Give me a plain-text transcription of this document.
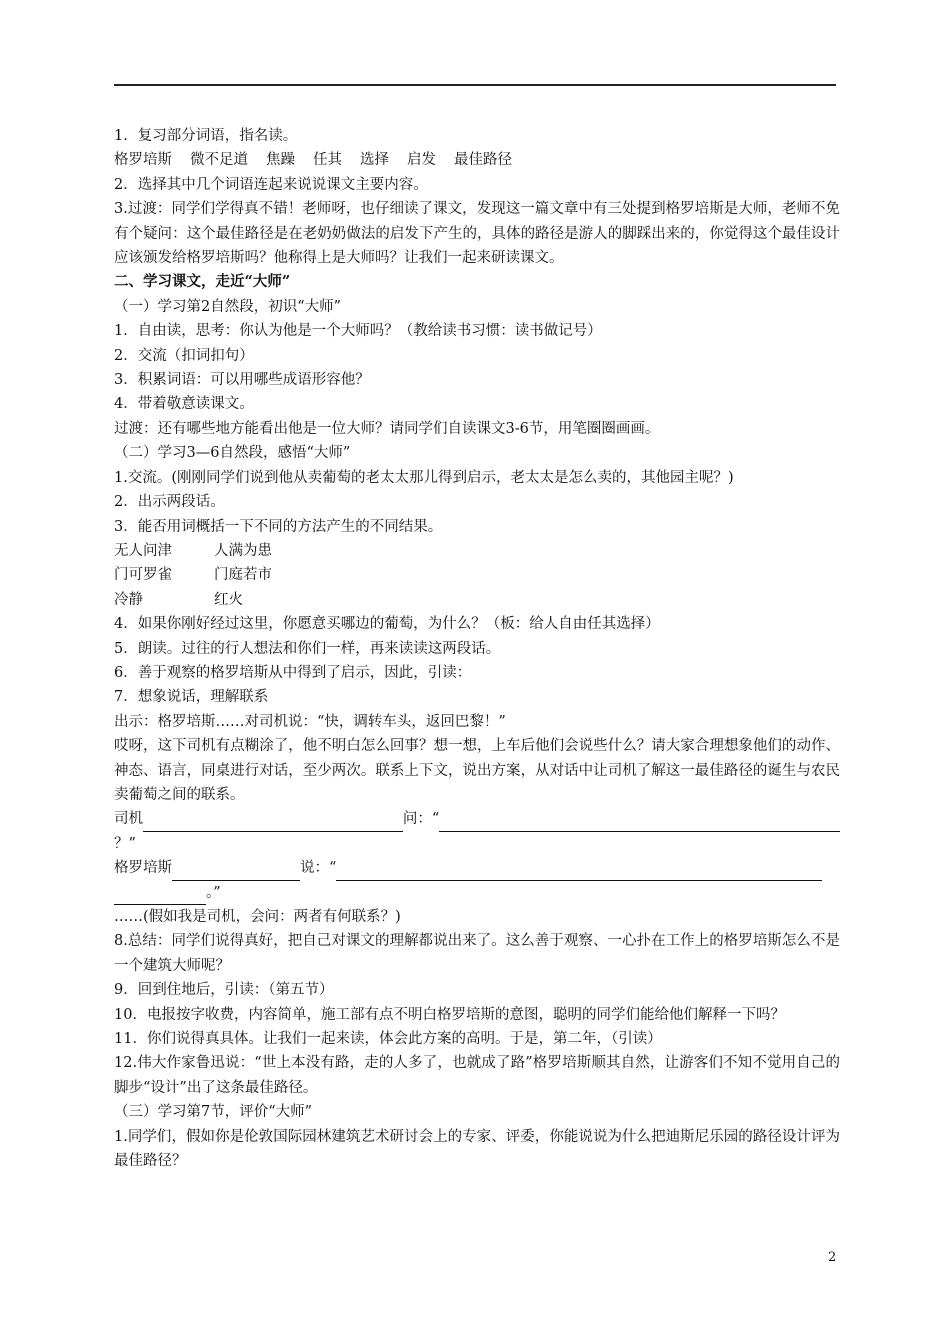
1．复习部分词语，指名读。
格罗培斯 微不足道 焦躁 任其 选择 启发 最佳路径
2．选择其中几个词语连起来说说课文主要内容。
3.过渡：同学们学得真不错！老师呀，也仔细读了课文，发现这一篇文章中有三处提到格罗培斯是大师，老师不免有个疑问：这个最佳路径是在老奶奶做法的启发下产生的，具体的路径是游人的脚踩出来的，你觉得这个最佳设计应该颁发给格罗培斯吗？他称得上是大师吗？让我们一起来研读课文。
二、学习课文，走近“大师”
（一）学习第2自然段，初识“大师”
1．自由读，思考：你认为他是一个大师吗？（教给读书习惯：读书做记号）
2．交流（扣词扣句）
3．积累词语：可以用哪些成语形容他？
4．带着敬意读课文。
过渡：还有哪些地方能看出他是一位大师？请同学们自读课文3-6节，用笔圈圈画画。
（二）学习3—6自然段，感悟“大师”
1.交流。(刚刚同学们说到他从卖葡萄的老太太那儿得到启示，老太太是怎么卖的，其他园主呢？)
2．出示两段话。
3．能否用词概括一下不同的方法产生的不同结果。
无人问津	人满为患
门可罗雀	门庭若市
冷静	红火
4．如果你刚好经过这里，你愿意买哪边的葡萄，为什么？（板：给人自由任其选择）
5．朗读。过往的行人想法和你们一样，再来读读这两段话。
6．善于观察的格罗培斯从中得到了启示，因此，引读：
7．想象说话，理解联系
出示：格罗培斯……对司机说：“快，调转车头，返回巴黎！”
哎呀，这下司机有点糊涂了，他不明白怎么回事？想一想，上车后他们会说些什么？请大家合理想象他们的动作、神态、语言，同桌进行对话，至少两次。联系上下文，说出方案，从对话中让司机了解这一最佳路径的诞生与农民卖葡萄之间的联系。
司机	问：“
？”
格罗培斯	说：“
。”
……(假如我是司机，会问：两者有何联系？)
8.总结：同学们说得真好，把自己对课文的理解都说出来了。这么善于观察、一心扑在工作上的格罗培斯怎么不是一个建筑大师呢？
9．回到住地后，引读：（第五节）
10．电报按字收费，内容简单，施工部有点不明白格罗培斯的意图，聪明的同学们能给他们解释一下吗？
11．你们说得真具体。让我们一起来读，体会此方案的高明。于是，第二年，（引读）
12.伟大作家鲁迅说：“世上本没有路，走的人多了，也就成了路”格罗培斯顺其自然，让游客们不知不觉用自己的脚步“设计”出了这条最佳路径。
（三）学习第7节，评价“大师”
1.同学们，假如你是伦敦国际园林建筑艺术研讨会上的专家、评委，你能说说为什么把迪斯尼乐园的路径设计评为最佳路径？
2
